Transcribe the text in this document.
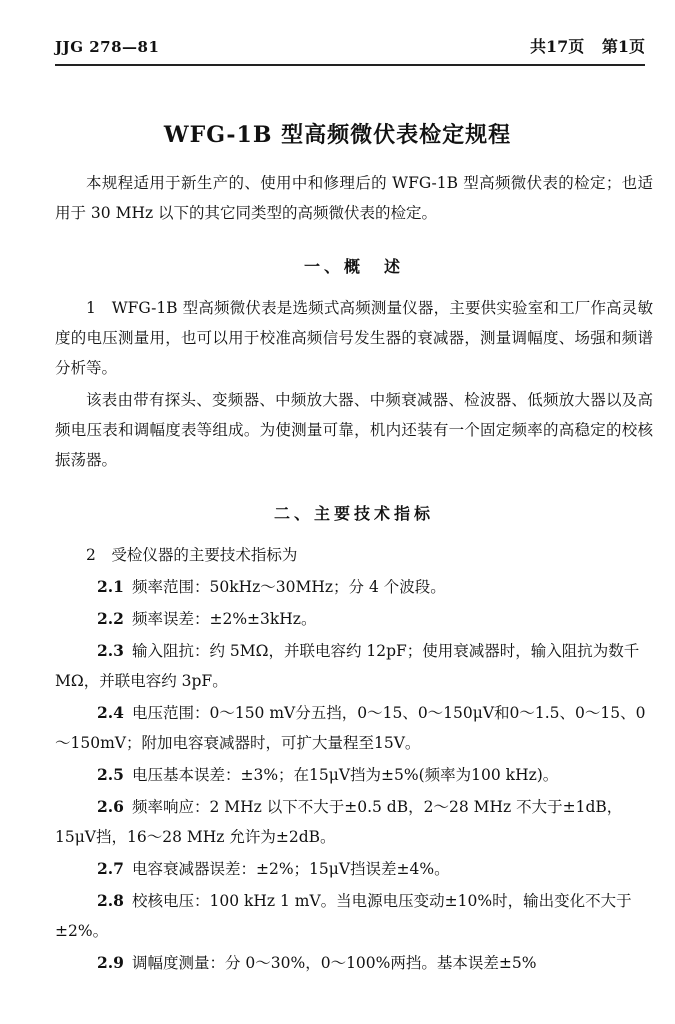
JJG 278—81	共17页 第1页
WFG-1B 型高频微伏表检定规程

本规程适用于新生产的、使用中和修理后的 WFG-1B 型高频微伏表的检定；也适用于 30 MHz 以下的其它同类型的高频微伏表的检定。

一、概　述

1　WFG-1B 型高频微伏表是选频式高频测量仪器，主要供实验室和工厂作高灵敏度的电压测量用，也可以用于校准高频信号发生器的衰减器，测量调幅度、场强和频谱分析等。

该表由带有探头、变频器、中频放大器、中频衰减器、检波器、低频放大器以及高频电压表和调幅度表等组成。为使测量可靠，机内还装有一个固定频率的高稳定的校核振荡器。

二、主要技术指标

2　受检仪器的主要技术指标为

2.1 频率范围：50kHz～30MHz；分 4 个波段。

2.2 频率误差：±2%±3kHz。

2.3 输入阻抗：约 5MΩ，并联电容约 12pF；使用衰减器时，输入阻抗为数千MΩ，并联电容约 3pF。

2.4 电压范围：0～150 mV分五挡，0～15、0～150μV和0～1.5、0～15、0～150mV；附加电容衰减器时，可扩大量程至15V。

2.5 电压基本误差：±3%；在15μV挡为±5%(频率为100 kHz)。

2.6 频率响应：2 MHz 以下不大于±0.5 dB，2～28 MHz 不大于±1dB，15μV挡，16～28 MHz 允许为±2dB。

2.7 电容衰减器误差：±2%；15μV挡误差±4%。

2.8 校核电压：100 kHz 1 mV。当电源电压变动±10%时，输出变化不大于±2%。

2.9 调幅度测量：分 0～30%，0～100%两挡。基本误差±5%
